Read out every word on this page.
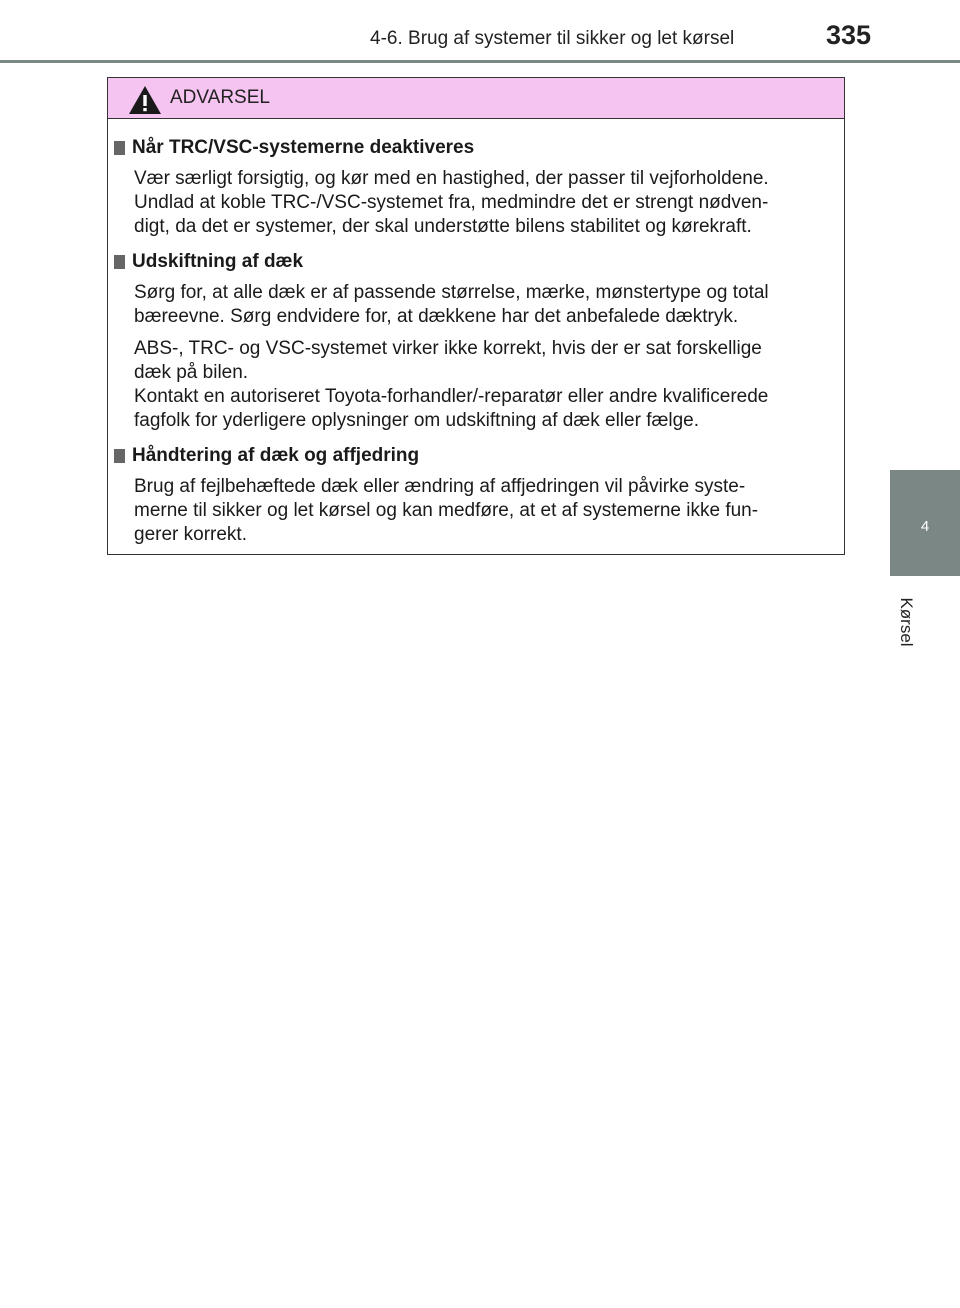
4-6. Brug af systemer til sikker og let kørsel	335
4
Kørsel
ADVARSEL
Når TRC/VSC-systemerne deaktiveres
Vær særligt forsigtig, og kør med en hastighed, der passer til vejforholdene.
Undlad at koble TRC-/VSC-systemet fra, medmindre det er strengt nødven-
digt, da det er systemer, der skal understøtte bilens stabilitet og kørekraft.
Udskiftning af dæk
Sørg for, at alle dæk er af passende størrelse, mærke, mønstertype og total
bæreevne. Sørg endvidere for, at dækkene har det anbefalede dæktryk.
ABS-, TRC- og VSC-systemet virker ikke korrekt, hvis der er sat forskellige
dæk på bilen.
Kontakt en autoriseret Toyota-forhandler/-reparatør eller andre kvalificerede
fagfolk for yderligere oplysninger om udskiftning af dæk eller fælge.
Håndtering af dæk og affjedring
Brug af fejlbehæftede dæk eller ændring af affjedringen vil påvirke syste-
merne til sikker og let kørsel og kan medføre, at et af systemerne ikke fun-
gerer korrekt.
